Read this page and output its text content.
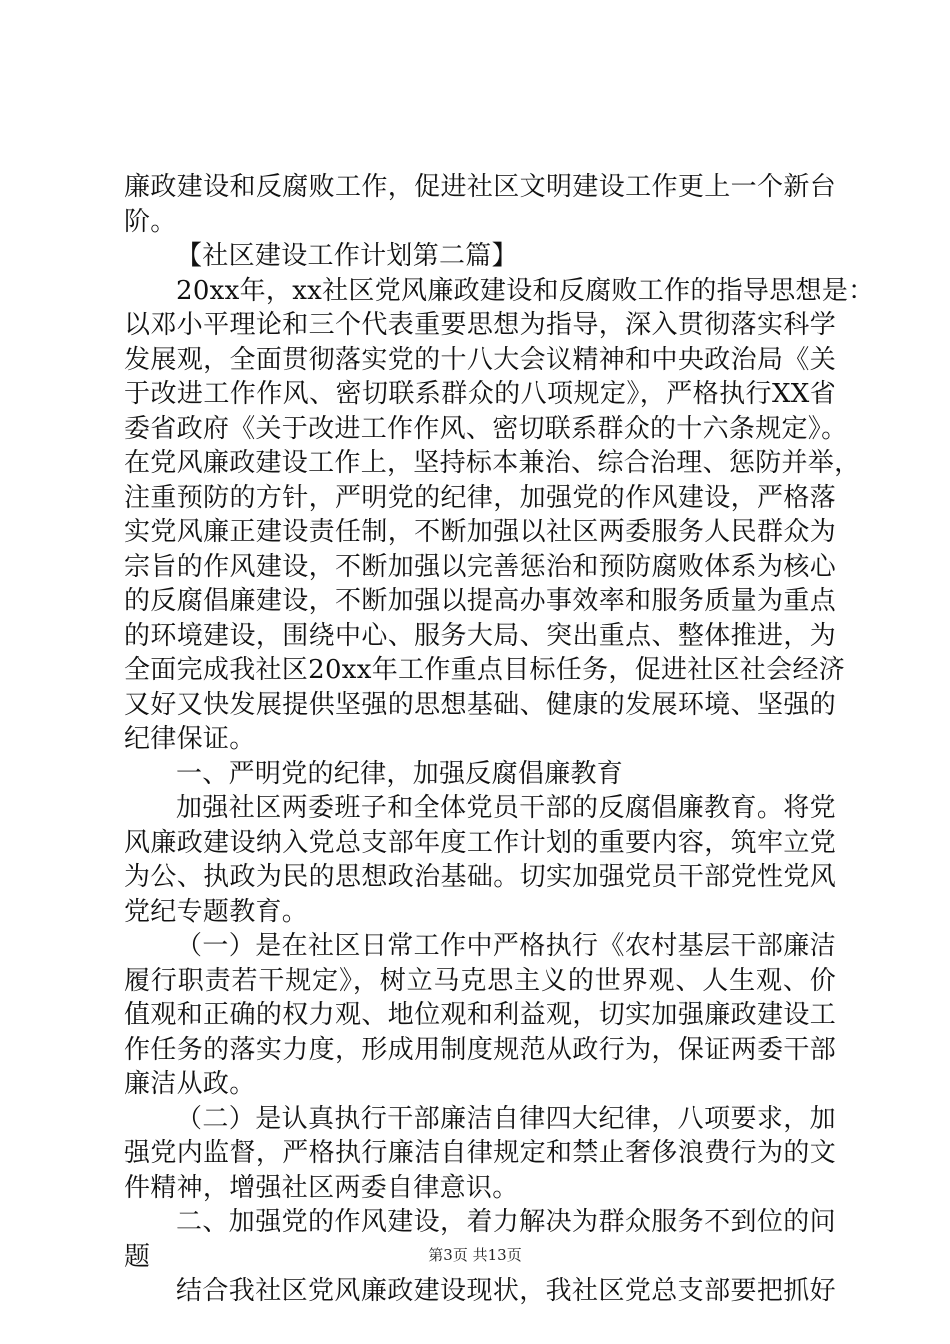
廉政建设和反腐败工作，促进社区文明建设工作更上一个新台
阶。
【社区建设工作计划第二篇】
20xx年，xx社区党风廉政建设和反腐败工作的指导思想是：
以邓小平理论和三个代表重要思想为指导，深入贯彻落实科学
发展观，全面贯彻落实党的十八大会议精神和中央政治局《关
于改进工作作风、密切联系群众的八项规定》，严格执行XX省
委省政府《关于改进工作作风、密切联系群众的十六条规定》。
在党风廉政建设工作上，坚持标本兼治、综合治理、惩防并举，
注重预防的方针，严明党的纪律，加强党的作风建设，严格落
实党风廉正建设责任制，不断加强以社区两委服务人民群众为
宗旨的作风建设，不断加强以完善惩治和预防腐败体系为核心
的反腐倡廉建设，不断加强以提高办事效率和服务质量为重点
的环境建设，围绕中心、服务大局、突出重点、整体推进，为
全面完成我社区20xx年工作重点目标任务，促进社区社会经济
又好又快发展提供坚强的思想基础、健康的发展环境、坚强的
纪律保证。
一、严明党的纪律，加强反腐倡廉教育
加强社区两委班子和全体党员干部的反腐倡廉教育。将党
风廉政建设纳入党总支部年度工作计划的重要内容，筑牢立党
为公、执政为民的思想政治基础。切实加强党员干部党性党风
党纪专题教育。
（一）是在社区日常工作中严格执行《农村基层干部廉洁
履行职责若干规定》，树立马克思主义的世界观、人生观、价
值观和正确的权力观、地位观和利益观，切实加强廉政建设工
作任务的落实力度，形成用制度规范从政行为，保证两委干部
廉洁从政。
（二）是认真执行干部廉洁自律四大纪律，八项要求，加
强党内监督，严格执行廉洁自律规定和禁止奢侈浪费行为的文
件精神，增强社区两委自律意识。
二、加强党的作风建设，着力解决为群众服务不到位的问
题
结合我社区党风廉政建设现状，我社区党总支部要把抓好
第3页 共13页
